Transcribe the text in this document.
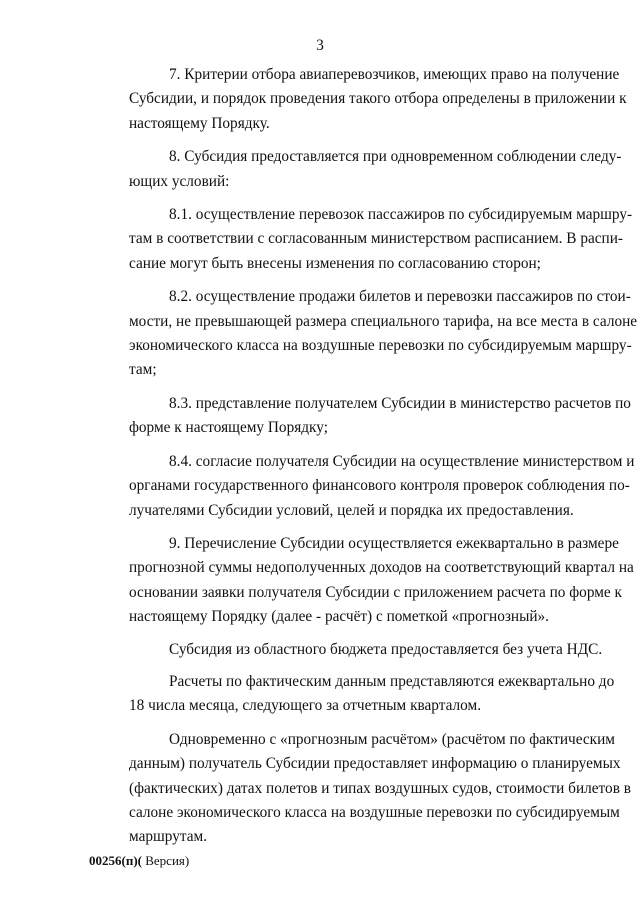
3
7. Критерии отбора авиаперевозчиков, имеющих право на получение
Субсидии, и порядок проведения такого отбора определены в приложении к
настоящему Порядку.
8. Субсидия предоставляется при одновременном соблюдении следу-
ющих условий:
8.1. осуществление перевозок пассажиров по субсидируемым маршру-
там в соответствии с согласованным министерством расписанием. В распи-
сание могут быть внесены изменения по согласованию сторон;
8.2. осуществление продажи билетов и перевозки пассажиров по стои-
мости, не превышающей размера специального тарифа, на все места в салоне
экономического класса на воздушные перевозки по субсидируемым маршру-
там;
8.3. представление получателем Субсидии в министерство расчетов по
форме к настоящему Порядку;
8.4. согласие получателя Субсидии на осуществление министерством и
органами государственного финансового контроля проверок соблюдения по-
лучателями Субсидии условий, целей и порядка их предоставления.
9. Перечисление Субсидии осуществляется ежеквартально в размере
прогнозной суммы недополученных доходов на соответствующий квартал на
основании заявки получателя Субсидии с приложением расчета по форме к
настоящему Порядку (далее - расчёт) с пометкой «прогнозный».
Субсидия из областного бюджета предоставляется без учета НДС.
Расчеты по фактическим данным представляются ежеквартально до
18 числа месяца, следующего за отчетным кварталом.
Одновременно с «прогнозным расчётом» (расчётом по фактическим
данным) получатель Субсидии предоставляет информацию о планируемых
(фактических) датах полетов и типах воздушных судов, стоимости билетов в
салоне экономического класса на воздушные перевозки по субсидируемым
маршрутам.
00256(п)( Версия)
